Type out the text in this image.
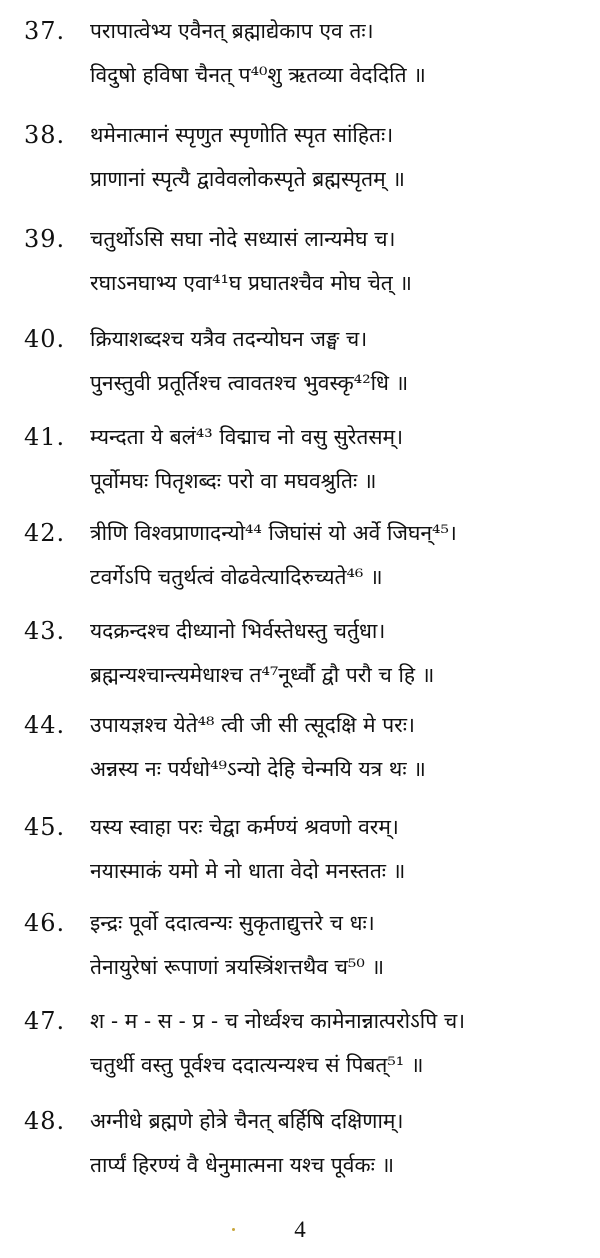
37. परापात्वेभ्य एवैनत् ब्रह्माद्येकाप एव तः।
विदुषो हविषा चैनत् प⁴⁰शु ऋतव्या वेददिति ॥
38. थमेनात्मानं स्पृणुत स्पृणोति स्पृत सांहितः।
प्राणानां स्पृत्यै द्वावेवलोकस्पृते ब्रह्मस्पृतम् ॥
39. चतुर्थोऽसि सघा नोदे सध्यासं लान्यमेघ च।
रघाऽनघाभ्य एवा⁴¹घ प्रघातश्चैव मोघ चेत् ॥
40. क्रियाशब्दश्च यत्रैव तदन्योघन जङ्घ च।
पुनस्तुवी प्रतूर्तिश्च त्वावतश्च भुवस्कृ⁴²धि ॥
41. म्यन्दता ये बलं⁴³ विद्माच नो वसु सुरेतसम्।
पूर्वोमघः पितृशब्दः परो वा मघवश्रुतिः ॥
42. त्रीणि विश्वप्राणादन्यो⁴⁴ जिघांसं यो अर्वे जिघन्⁴⁵।
टवर्गेऽपि चतुर्थत्वं वोढवेत्यादिरुच्यते⁴⁶ ॥
43. यदक्रन्दश्च दीध्यानो भिर्वस्तेधस्तु चर्तुधा।
ब्रह्मन्यश्चान्त्यमेधाश्च त⁴⁷नूर्ध्वौ द्वौ परौ च हि ॥
44. उपायज्ञश्च येते⁴⁸ त्वी जी सी त्सूदक्षि मे परः।
अन्नस्य नः पर्यधो⁴⁹ऽन्यो देहि चेन्मयि यत्र थः ॥
45. यस्य स्वाहा परः चेद्वा कर्मण्यं श्रवणो वरम्।
नयास्माकं यमो मे नो धाता वेदो मनस्ततः ॥
46. इन्द्रः पूर्वो ददात्वन्यः सुकृताद्युत्तरे च धः।
तेनायुरेषां रूपाणां त्रयस्त्रिंशत्तथैव च⁵⁰ ॥
47. श - म - स - प्र - च नोर्ध्वश्च कामेनान्नात्परोऽपि च।
चतुर्थी वस्तु पूर्वश्च ददात्यन्यश्च सं पिबत्⁵¹ ॥
48. अग्नीधे ब्रह्मणे होत्रे चैनत् बर्हिषि दक्षिणाम्।
तार्प्यं हिरण्यं वै धेनुमात्मना यश्च पूर्वकः ॥
4
